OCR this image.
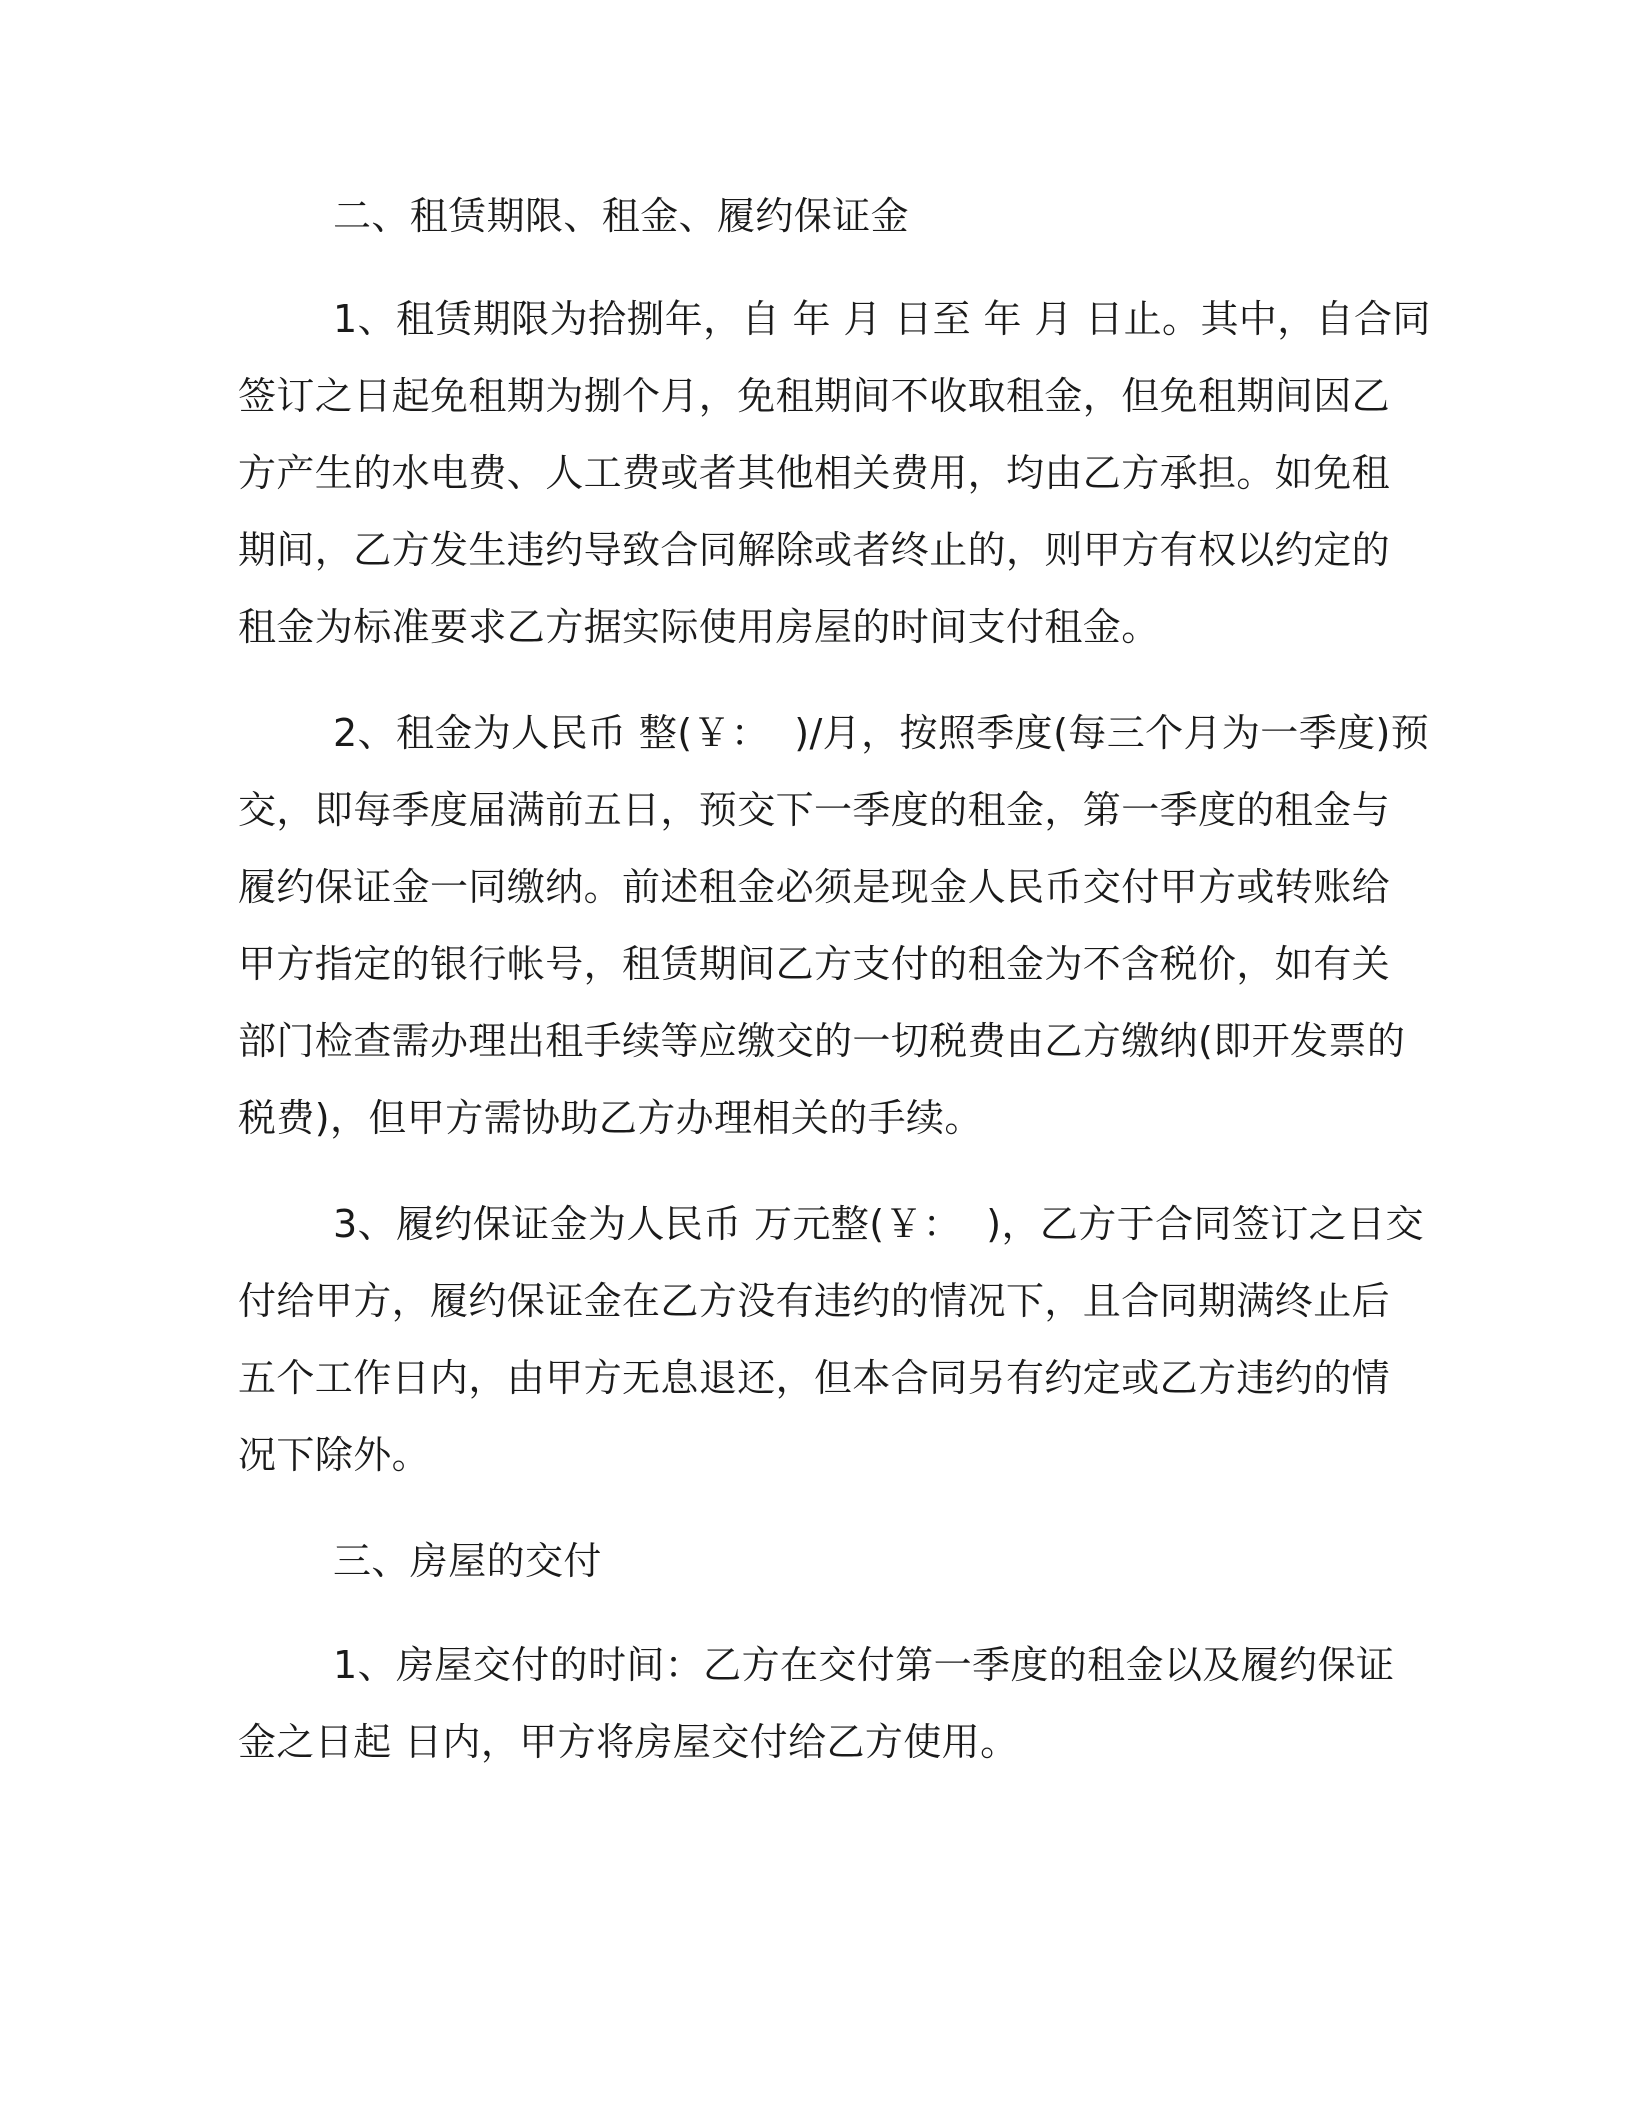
二、租赁期限、租金、履约保证金
1、租赁期限为拾捌年，自 年 月 日至 年 月 日止。其中，自合同
签订之日起免租期为捌个月，免租期间不收取租金，但免租期间因乙
方产生的水电费、人工费或者其他相关费用，均由乙方承担。如免租
期间，乙方发生违约导致合同解除或者终止的，则甲方有权以约定的
租金为标准要求乙方据实际使用房屋的时间支付租金。
2、租金为人民币 整(￥：  )/月，按照季度(每三个月为一季度)预
交，即每季度届满前五日，预交下一季度的租金，第一季度的租金与
履约保证金一同缴纳。前述租金必须是现金人民币交付甲方或转账给
甲方指定的银行帐号，租赁期间乙方支付的租金为不含税价，如有关
部门检查需办理出租手续等应缴交的一切税费由乙方缴纳(即开发票的
税费)，但甲方需协助乙方办理相关的手续。
3、履约保证金为人民币 万元整(￥：  )，乙方于合同签订之日交
付给甲方，履约保证金在乙方没有违约的情况下，且合同期满终止后
五个工作日内，由甲方无息退还，但本合同另有约定或乙方违约的情
况下除外。
三、房屋的交付
1、房屋交付的时间：乙方在交付第一季度的租金以及履约保证
金之日起 日内，甲方将房屋交付给乙方使用。
